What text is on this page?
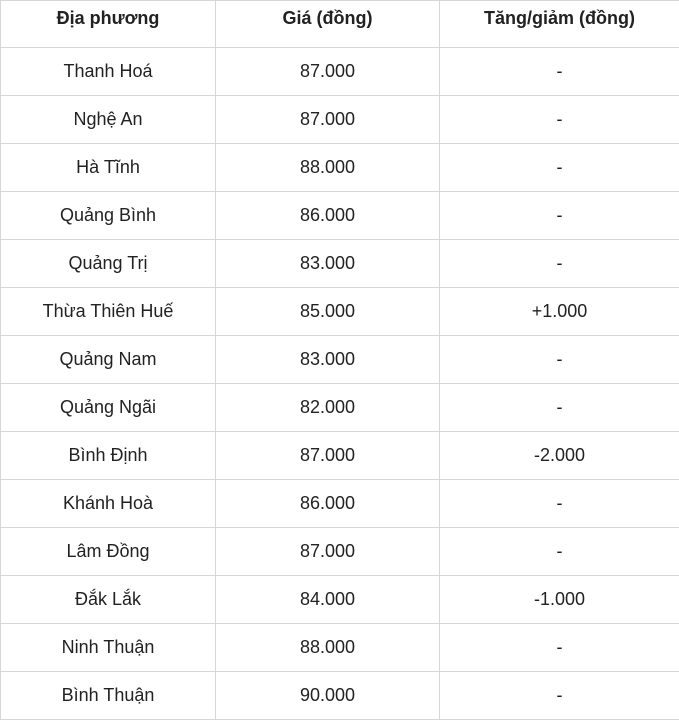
Địa phương	Giá (đồng)	Tăng/giảm (đồng)
Thanh Hoá	87.000	-
Nghệ An	87.000	-
Hà Tĩnh	88.000	-
Quảng Bình	86.000	-
Quảng Trị	83.000	-
Thừa Thiên Huế	85.000	+1.000
Quảng Nam	83.000	-
Quảng Ngãi	82.000	-
Bình Định	87.000	-2.000
Khánh Hoà	86.000	-
Lâm Đồng	87.000	-
Đắk Lắk	84.000	-1.000
Ninh Thuận	88.000	-
Bình Thuận	90.000	-
